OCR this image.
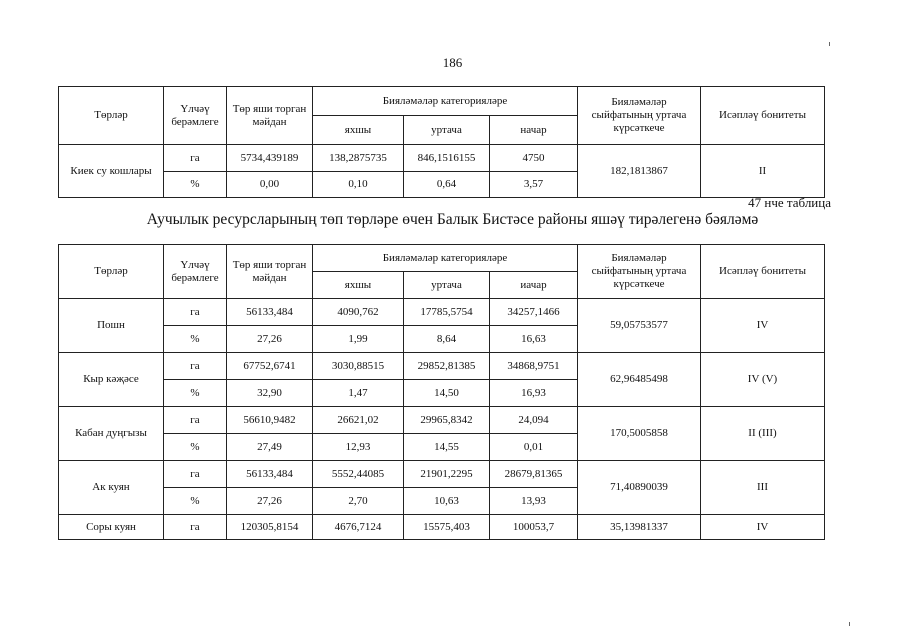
186
Төрләр	Үлчәү берәмлеге	Төр яши торган мәйдан	Бияләмәләр категорияләре			Бияләмәләр сыйфатының уртача күрсәткече	Исәпләү бонитеты
			яхшы	уртача	начар		
Киек су кошлары	га	5734,439189	138,2875735	846,1516155	4750	182,1813867	II
	%	0,00	0,10	0,64	3,57		
47 нче таблица
Аучылык ресурсларының төп төрләре өчен Балык Бистәсе районы яшәү тирәлегенә бәяләмә
Төрләр	Үлчәү берәмлеге	Төр яши торган мәйдан	Бияләмәләр категорияләре			Бияләмәләр сыйфатының уртача күрсәткече	Исәпләү бонитеты
			яхшы	уртача	иачар		
Пошн	га	56133,484	4090,762	17785,5754	34257,1466	59,05753577	IV
	%	27,26	1,99	8,64	16,63		
Кыр кәҗәсе	га	67752,6741	3030,88515	29852,81385	34868,9751	62,96485498	IV (V)
	%	32,90	1,47	14,50	16,93		
Кабан дуңгызы	га	56610,9482	26621,02	29965,8342	24,094	170,5005858	II (III)
	%	27,49	12,93	14,55	0,01		
Ак куян	га	56133,484	5552,44085	21901,2295	28679,81365	71,40890039	III
	%	27,26	2,70	10,63	13,93		
Соры куян	га	120305,8154	4676,7124	15575,403	100053,7	35,13981337	IV
